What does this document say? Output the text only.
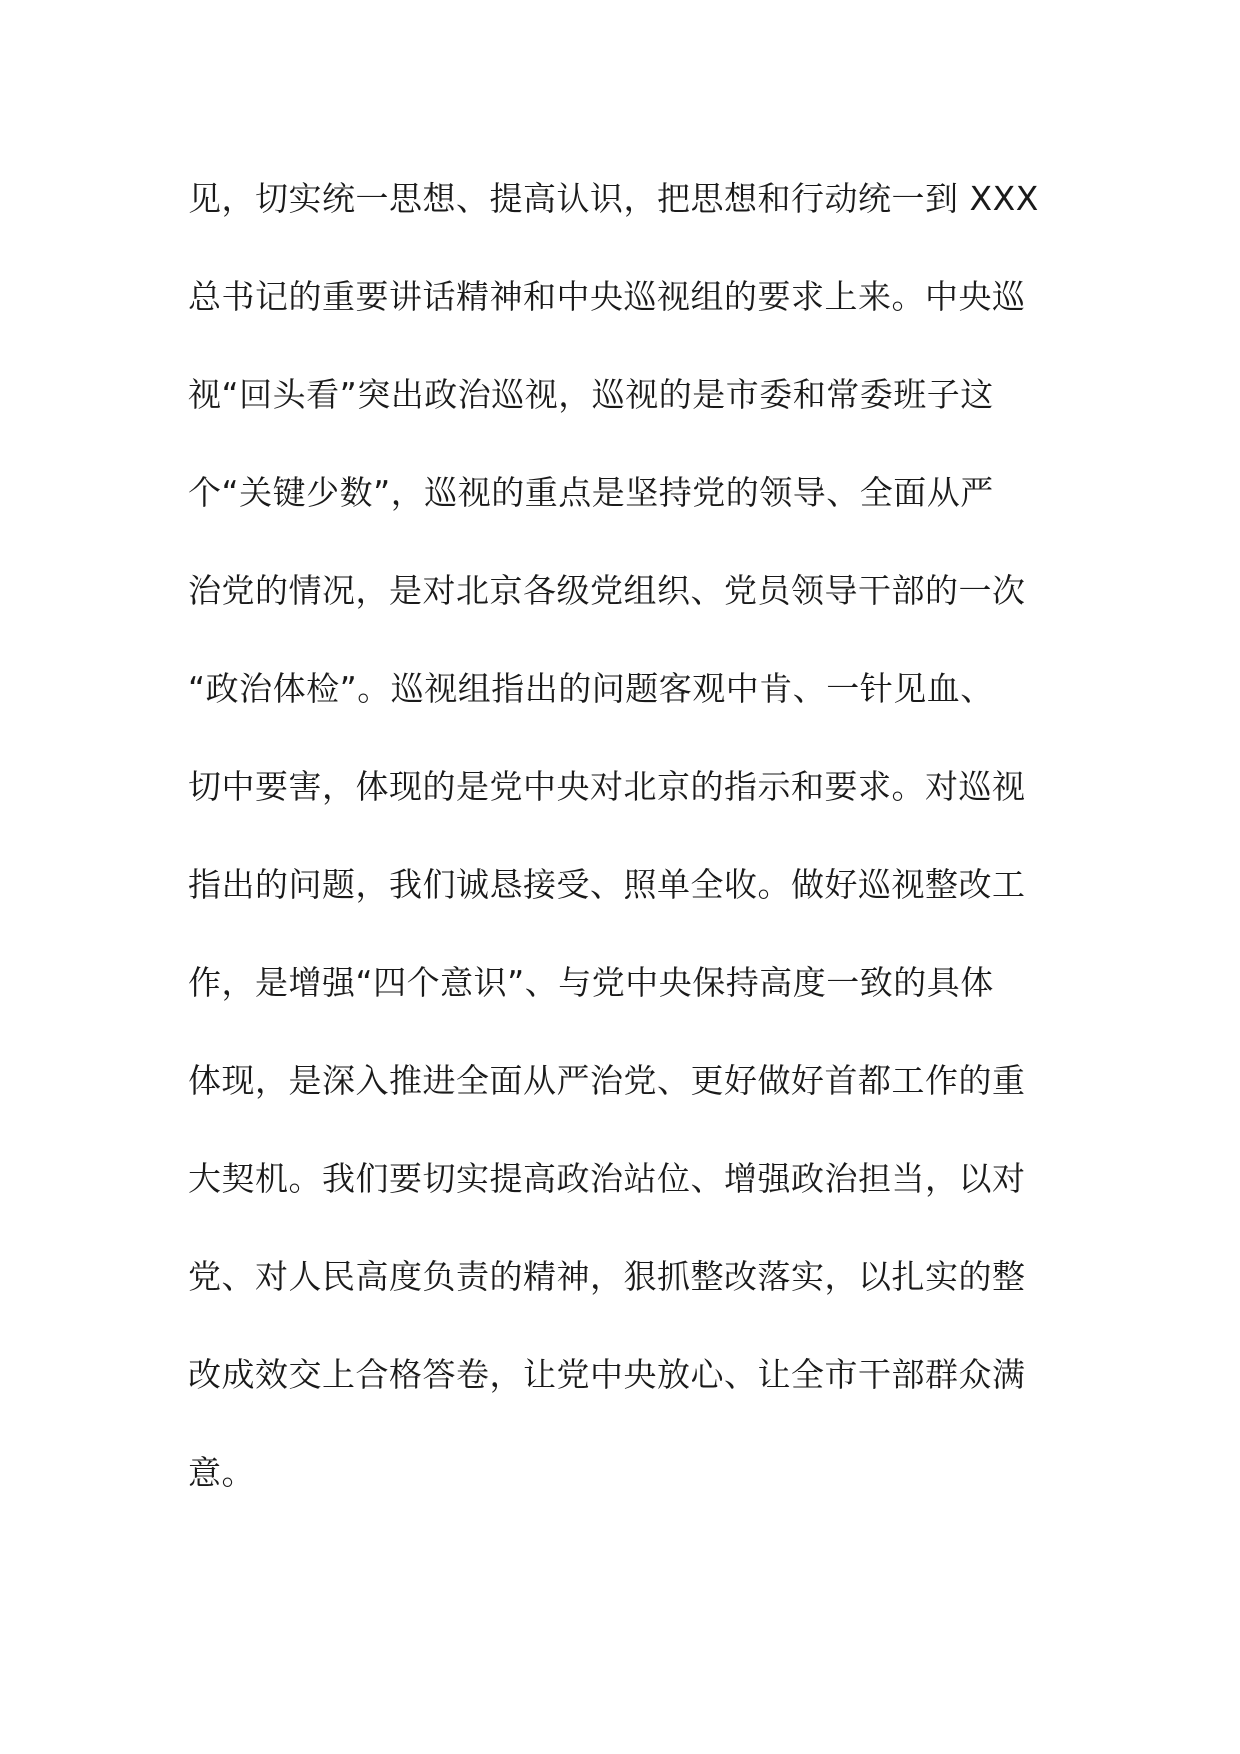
见，切实统一思想、提高认识，把思想和行动统一到 XXX
总书记的重要讲话精神和中央巡视组的要求上来。中央巡
视“回头看”突出政治巡视，巡视的是市委和常委班子这
个“关键少数”，巡视的重点是坚持党的领导、全面从严
治党的情况，是对北京各级党组织、党员领导干部的一次
“政治体检”。巡视组指出的问题客观中肯、一针见血、
切中要害，体现的是党中央对北京的指示和要求。对巡视
指出的问题，我们诚恳接受、照单全收。做好巡视整改工
作，是增强“四个意识”、与党中央保持高度一致的具体
体现，是深入推进全面从严治党、更好做好首都工作的重
大契机。我们要切实提高政治站位、增强政治担当，以对
党、对人民高度负责的精神，狠抓整改落实，以扎实的整
改成效交上合格答卷，让党中央放心、让全市干部群众满
意。
